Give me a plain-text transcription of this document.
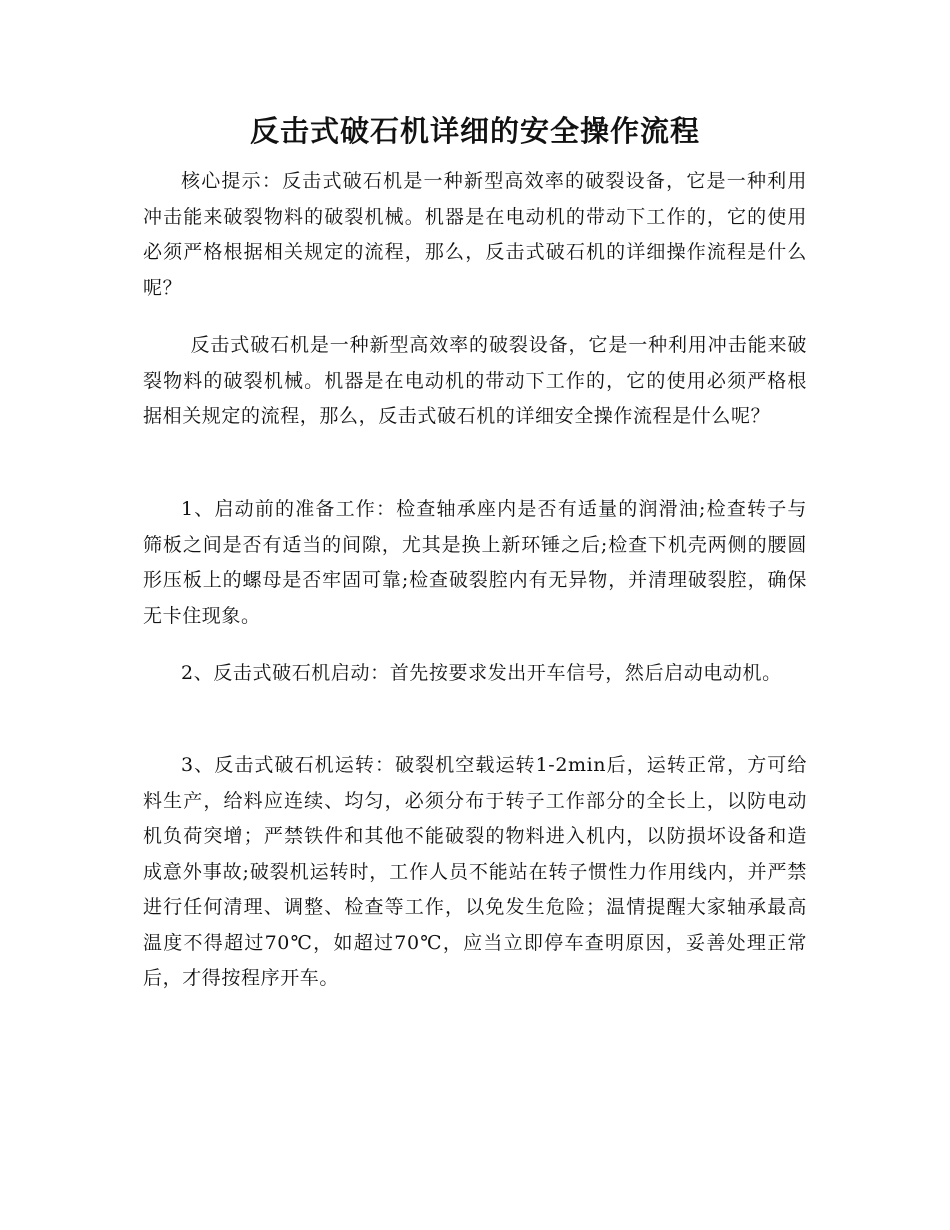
反击式破石机详细的安全操作流程

核心提示：反击式破石机是一种新型高效率的破裂设备，它是一种利用冲击能来破裂物料的破裂机械。机器是在电动机的带动下工作的，它的使用必须严格根据相关规定的流程，那么，反击式破石机的详细操作流程是什么呢？

反击式破石机是一种新型高效率的破裂设备，它是一种利用冲击能来破裂物料的破裂机械。机器是在电动机的带动下工作的，它的使用必须严格根据相关规定的流程，那么，反击式破石机的详细安全操作流程是什么呢？

1、启动前的准备工作：检查轴承座内是否有适量的润滑油;检查转子与筛板之间是否有适当的间隙，尤其是换上新环锤之后;检查下机壳两侧的腰圆形压板上的螺母是否牢固可靠;检查破裂腔内有无异物，并清理破裂腔，确保无卡住现象。

2、反击式破石机启动：首先按要求发出开车信号，然后启动电动机。

3、反击式破石机运转：破裂机空载运转1-2min后，运转正常，方可给料生产，给料应连续、均匀，必须分布于转子工作部分的全长上，以防电动机负荷突增；严禁铁件和其他不能破裂的物料进入机内，以防损坏设备和造成意外事故;破裂机运转时，工作人员不能站在转子惯性力作用线内，并严禁进行任何清理、调整、检查等工作，以免发生危险；温情提醒大家轴承最高温度不得超过70℃，如超过70℃，应当立即停车查明原因，妥善处理正常后，才得按程序开车。
